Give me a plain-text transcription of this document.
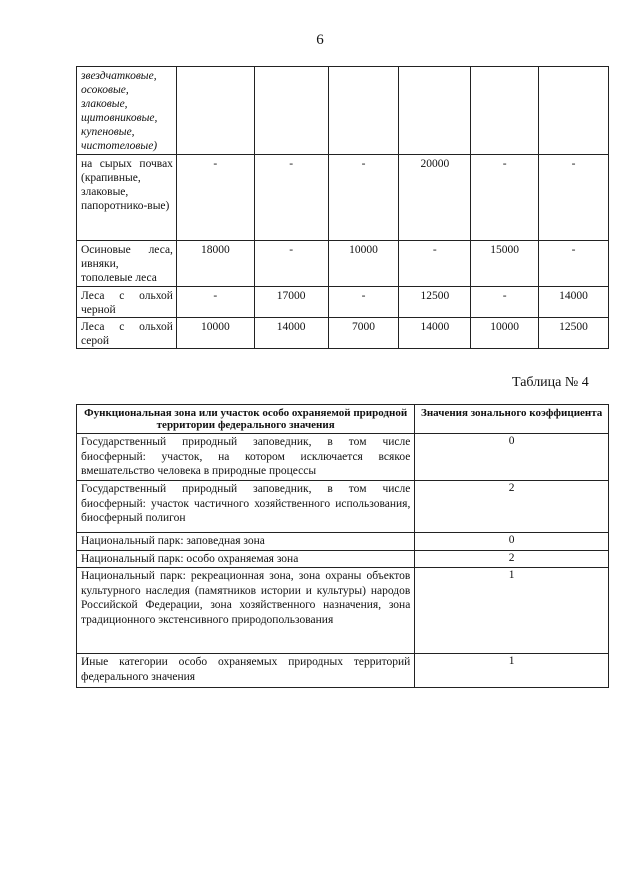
6
звездчатковые, осоковые, злаковые, щитовниковые, купеновые, чистотеловые)						
на сырых почвах (крапивные, злаковые, папоротнико-вые)	-	-	-	20000	-	-
Осиновые леса, ивняки, тополевые леса	18000	-	10000	-	15000	-
Леса с ольхой черной	-	17000	-	12500	-	14000
Леса с ольхой серой	10000	14000	7000	14000	10000	12500
Таблица № 4
Функциональная зона или участок особо охраняемой природной территории федерального значения	Значения зонального коэффициента
Государственный природный заповедник, в том числе биосферный: участок, на котором исключается всякое вмешательство человека в природные процессы	0
Государственный природный заповедник, в том числе биосферный: участок частичного хозяйственного использования, биосферный полигон	2
Национальный парк: заповедная зона	0
Национальный парк: особо охраняемая зона	2
Национальный парк: рекреационная зона, зона охраны объектов культурного наследия (памятников истории и культуры) народов Российской Федерации, зона хозяйственного назначения, зона традиционного экстенсивного природопользования	1
Иные категории особо охраняемых природных территорий федерального значения	1
